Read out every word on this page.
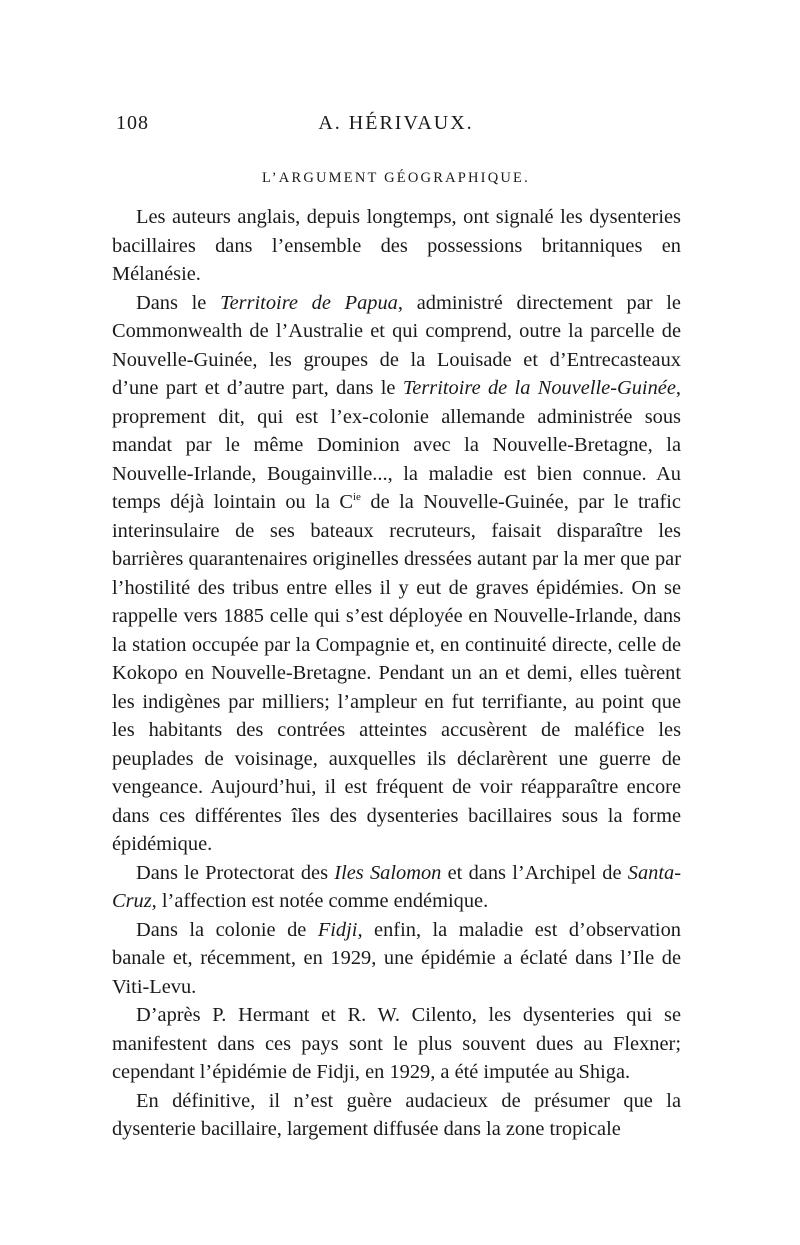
108	A. HÉRIVAUX.
L’ARGUMENT GÉOGRAPHIQUE.

Les auteurs anglais, depuis longtemps, ont signalé les dysenteries bacillaires dans l’ensemble des possessions britanniques en Mélanésie.

Dans le Territoire de Papua, administré directement par le Commonwealth de l’Australie et qui comprend, outre la parcelle de Nouvelle-Guinée, les groupes de la Louisade et d’Entrecasteaux d’une part et d’autre part, dans le Territoire de la Nouvelle-Guinée, proprement dit, qui est l’ex-colonie allemande administrée sous mandat par le même Dominion avec la Nouvelle-Bretagne, la Nouvelle-Irlande, Bougainville..., la maladie est bien connue. Au temps déjà lointain ou la $C^{ie}$ de la Nouvelle-Guinée, par le trafic interinsulaire de ses bateaux recruteurs, faisait disparaître les barrières quarantenaires originelles dressées autant par la mer que par l’hostilité des tribus entre elles il y eut de graves épidémies. On se rappelle vers 1885 celle qui s’est déployée en Nouvelle-Irlande, dans la station occupée par la Compagnie et, en continuité directe, celle de Kokopo en Nouvelle-Bretagne. Pendant un an et demi, elles tuèrent les indigènes par milliers; l’ampleur en fut terrifiante, au point que les habitants des contrées atteintes accusèrent de maléfice les peuplades de voisinage, auxquelles ils déclarèrent une guerre de vengeance. Aujourd’hui, il est fréquent de voir réapparaître encore dans ces différentes îles des dysenteries bacillaires sous la forme épidémique.

Dans le Protectorat des Iles Salomon et dans l’Archipel de Santa-Cruz, l’affection est notée comme endémique.

Dans la colonie de Fidji, enfin, la maladie est d’observation banale et, récemment, en 1929, une épidémie a éclaté dans l’Ile de Viti-Levu.

D’après P. Hermant et R. W. Cilento, les dysenteries qui se manifestent dans ces pays sont le plus souvent dues au Flexner; cependant l’épidémie de Fidji, en 1929, a été imputée au Shiga.

En définitive, il n’est guère audacieux de présumer que la dysenterie bacillaire, largement diffusée dans la zone tropicale
